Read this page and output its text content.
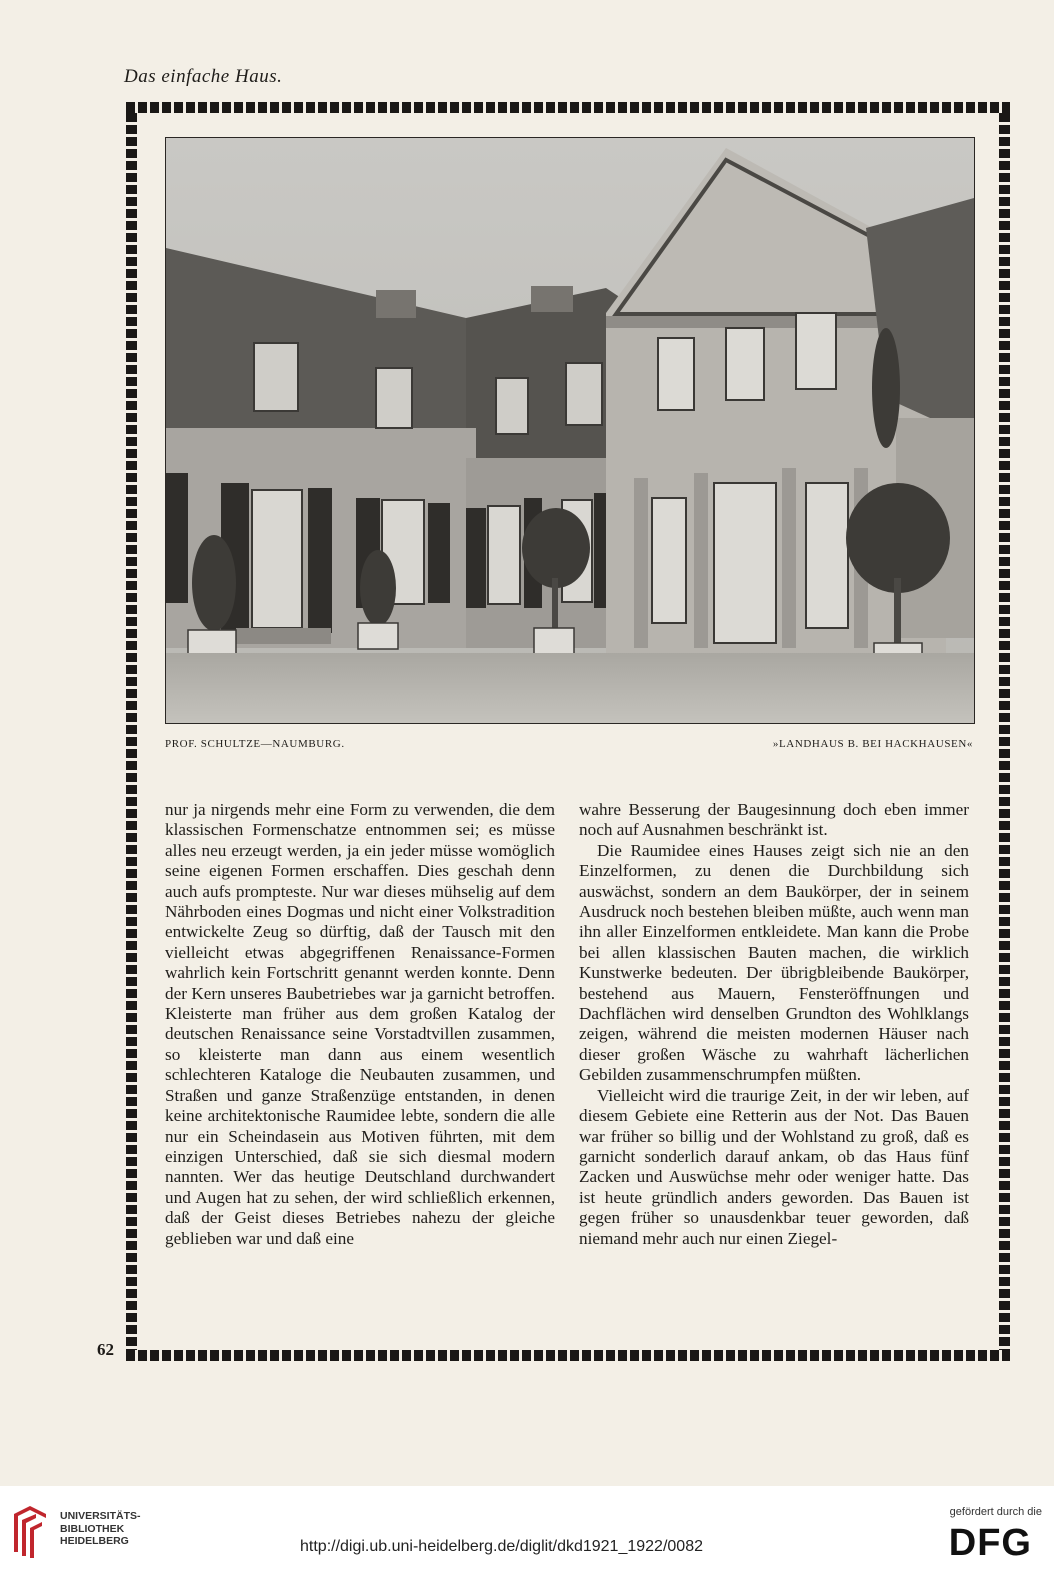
Das einfache Haus.
PROF. SCHULTZE—NAUMBURG.	»LANDHAUS B. BEI HACKHAUSEN«

nur ja nirgends mehr eine Form zu verwenden, die dem klassischen Formenschatze entnommen sei; es müsse alles neu erzeugt werden, ja ein jeder müsse womöglich seine eigenen Formen erschaffen. Dies geschah denn auch aufs prompteste. Nur war dieses mühselig auf dem Nährboden eines Dogmas und nicht einer Volkstradition entwickelte Zeug so dürftig, daß der Tausch mit den vielleicht etwas abgegriffenen Renaissance-Formen wahrlich kein Fortschritt genannt werden konnte. Denn der Kern unseres Baubetriebes war ja garnicht betroffen. Kleisterte man früher aus dem großen Katalog der deutschen Renaissance seine Vorstadtvillen zusammen, so kleisterte man dann aus einem wesentlich schlechteren Kataloge die Neubauten zusammen, und Straßen und ganze Straßenzüge entstanden, in denen keine architektonische Raumidee lebte, sondern die alle nur ein Scheindasein aus Motiven führten, mit dem einzigen Unterschied, daß sie sich diesmal modern nannten. Wer das heutige Deutschland durchwandert und Augen hat zu sehen, der wird schließlich erkennen, daß der Geist dieses Betriebes nahezu der gleiche geblieben war und daß eine

wahre Besserung der Baugesinnung doch eben immer noch auf Ausnahmen beschränkt ist.

Die Raumidee eines Hauses zeigt sich nie an den Einzelformen, zu denen die Durchbildung sich auswächst, sondern an dem Baukörper, der in seinem Ausdruck noch bestehen bleiben müßte, auch wenn man ihn aller Einzelformen entkleidete. Man kann die Probe bei allen klassischen Bauten machen, die wirklich Kunstwerke bedeuten. Der übrigbleibende Baukörper, bestehend aus Mauern, Fensteröffnungen und Dachflächen wird denselben Grundton des Wohlklangs zeigen, während die meisten modernen Häuser nach dieser großen Wäsche zu wahrhaft lächerlichen Gebilden zusammenschrumpfen müßten.

Vielleicht wird die traurige Zeit, in der wir leben, auf diesem Gebiete eine Retterin aus der Not. Das Bauen war früher so billig und der Wohlstand zu groß, daß es garnicht sonderlich darauf ankam, ob das Haus fünf Zacken und Auswüchse mehr oder weniger hatte. Das ist heute gründlich anders geworden. Das Bauen ist gegen früher so unausdenkbar teuer geworden, daß niemand mehr auch nur einen Ziegel-

62
UNIVERSITÄTS-
BIBLIOTHEK
HEIDELBERG	http://digi.ub.uni-heidelberg.de/diglit/dkd1921_1922/0082
gefördert durch die
DFG
